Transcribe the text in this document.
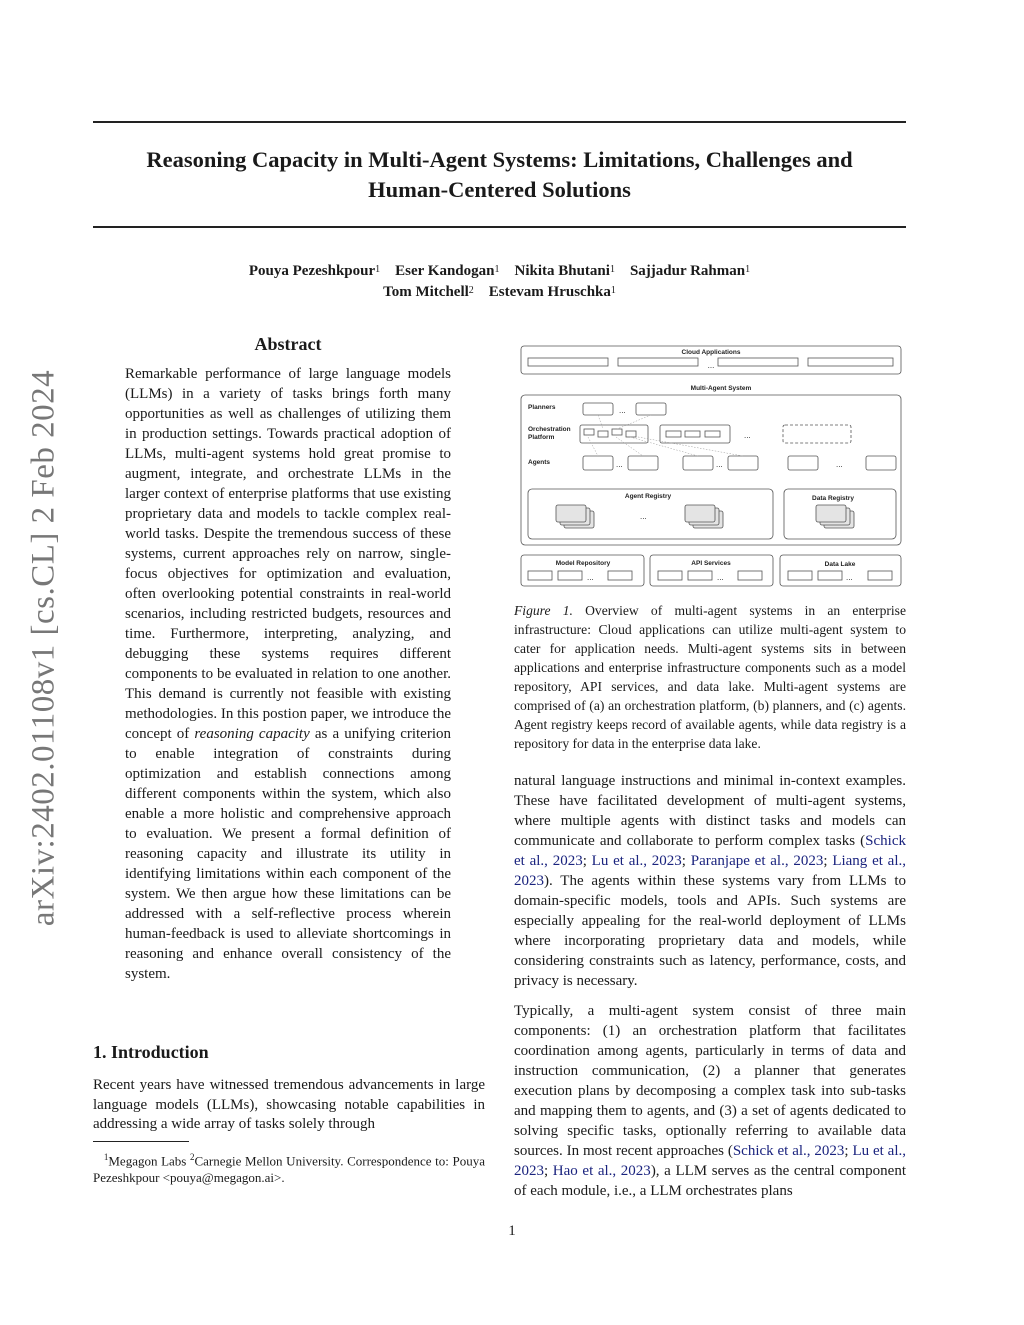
Reasoning Capacity in Multi-Agent Systems: Limitations, Challenges and
Human-Centered Solutions
Pouya Pezeshkpour$^1$ Eser Kandogan$^1$ Nikita Bhutani$^1$ Sajjadur Rahman$^1$
Tom Mitchell$^2$ Estevam Hruschka$^1$
arXiv:2402.01108v1 [cs.CL] 2 Feb 2024
Abstract
Remarkable performance of large language models (LLMs) in a variety of tasks brings forth many opportunities as well as challenges of utilizing them in production settings. Towards practical adoption of LLMs, multi-agent systems hold great promise to augment, integrate, and orchestrate LLMs in the larger context of enterprise platforms that use existing proprietary data and models to tackle complex real-world tasks. Despite the tremendous success of these systems, current approaches rely on narrow, single-focus objectives for optimization and evaluation, often overlooking potential constraints in real-world scenarios, including restricted budgets, resources and time. Furthermore, interpreting, analyzing, and debugging these systems requires different components to be evaluated in relation to one another. This demand is currently not feasible with existing methodologies. In this postion paper, we introduce the concept of reasoning capacity as a unifying criterion to enable integration of constraints during optimization and establish connections among different components within the system, which also enable a more holistic and comprehensive approach to evaluation. We present a formal definition of reasoning capacity and illustrate its utility in identifying limitations within each component of the system. We then argue how these limitations can be addressed with a self-reflective process wherein human-feedback is used to alleviate shortcomings in reasoning and enhance overall consistency of the system.
1. Introduction
Recent years have witnessed tremendous advancements in large language models (LLMs), showcasing notable capabilities in addressing a wide array of tasks solely through
$^1$Megagon Labs $^2$Carnegie Mellon University. Correspondence to: Pouya Pezeshkpour <pouya@megagon.ai>.
Cloud Applications
...
Multi-Agent System
Planners	...
Orchestration
Platform	...
Agents	...	...	...
Agent Registry
...
Data Registry
Model Repository
...
API Services
...
Data Lake
...
Figure 1. Overview of multi-agent systems in an enterprise infrastructure: Cloud applications can utilize multi-agent system to cater for application needs. Multi-agent systems sits in between applications and enterprise infrastructure components such as a model repository, API services, and data lake. Multi-agent systems are comprised of (a) an orchestration platform, (b) planners, and (c) agents. Agent registry keeps record of available agents, while data registry is a repository for data in the enterprise data lake.
natural language instructions and minimal in-context examples. These have facilitated development of multi-agent systems, where multiple agents with distinct tasks and models can communicate and collaborate to perform complex tasks (Schick et al., 2023; Lu et al., 2023; Paranjape et al., 2023; Liang et al., 2023). The agents within these systems vary from LLMs to domain-specific models, tools and APIs. Such systems are especially appealing for the real-world deployment of LLMs where incorporating proprietary data and models, while considering constraints such as latency, performance, costs, and privacy is necessary.
Typically, a multi-agent system consist of three main components: (1) an orchestration platform that facilitates coordination among agents, particularly in terms of data and instruction communication, (2) a planner that generates execution plans by decomposing a complex task into sub-tasks and mapping them to agents, and (3) a set of agents dedicated to solving specific tasks, optionally referring to available data sources. In most recent approaches (Schick et al., 2023; Lu et al., 2023; Hao et al., 2023), a LLM serves as the central component of each module, i.e., a LLM orchestrates plans
1
